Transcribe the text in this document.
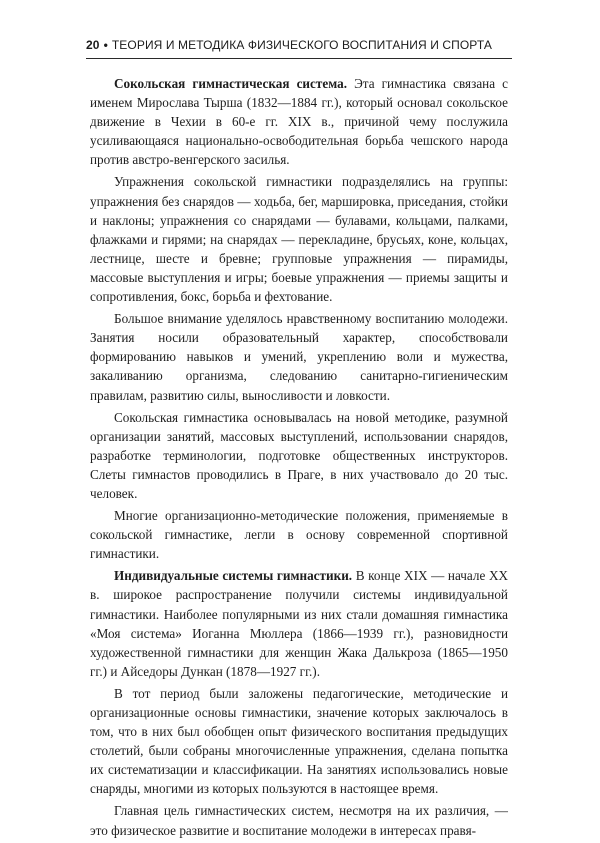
20 • ТЕОРИЯ И МЕТОДИКА ФИЗИЧЕСКОГО ВОСПИТАНИЯ И СПОРТА

Сокольская гимнастическая система. Эта гимнастика связана с именем Мирослава Тырша (1832—1884 гг.), который основал сокольское движение в Чехии в 60-е гг. XIX в., причиной чему послужила усиливающаяся национально-освободительная борьба чешского народа против австро-венгерского засилья.

Упражнения сокольской гимнастики подразделялись на группы: упражнения без снарядов — ходьба, бег, маршировка, приседания, стойки и наклоны; упражнения со снарядами — булавами, кольцами, палками, флажками и гирями; на снарядах — перекладине, брусьях, коне, кольцах, лестнице, шесте и бревне; групповые упражнения — пирамиды, массовые выступления и игры; боевые упражнения — приемы защиты и сопротивления, бокс, борьба и фехтование.

Большое внимание уделялось нравственному воспитанию молодежи. Занятия носили образовательный характер, способствовали формированию навыков и умений, укреплению воли и мужества, закаливанию организма, следованию санитарно-гигиеническим правилам, развитию силы, выносливости и ловкости.

Сокольская гимнастика основывалась на новой методике, разумной организации занятий, массовых выступлений, использовании снарядов, разработке терминологии, подготовке общественных инструкторов. Слеты гимнастов проводились в Праге, в них участвовало до 20 тыс. человек.

Многие организационно-методические положения, применяемые в сокольской гимнастике, легли в основу современной спортивной гимнастики.

Индивидуальные системы гимнастики. В конце XIX — начале XX в. широкое распространение получили системы индивидуальной гимнастики. Наиболее популярными из них стали домашняя гимнастика «Моя система» Иоганна Мюллера (1866—1939 гг.), разновидности художественной гимнастики для женщин Жака Далькроза (1865—1950 гг.) и Айседоры Дункан (1878—1927 гг.).

В тот период были заложены педагогические, методические и организационные основы гимнастики, значение которых заключалось в том, что в них был обобщен опыт физического воспитания предыдущих столетий, были собраны многочисленные упражнения, сделана попытка их систематизации и классификации. На занятиях использовались новые снаряды, многими из которых пользуются в настоящее время.

Главная цель гимнастических систем, несмотря на их различия, — это физическое развитие и воспитание молодежи в интересах правя-
